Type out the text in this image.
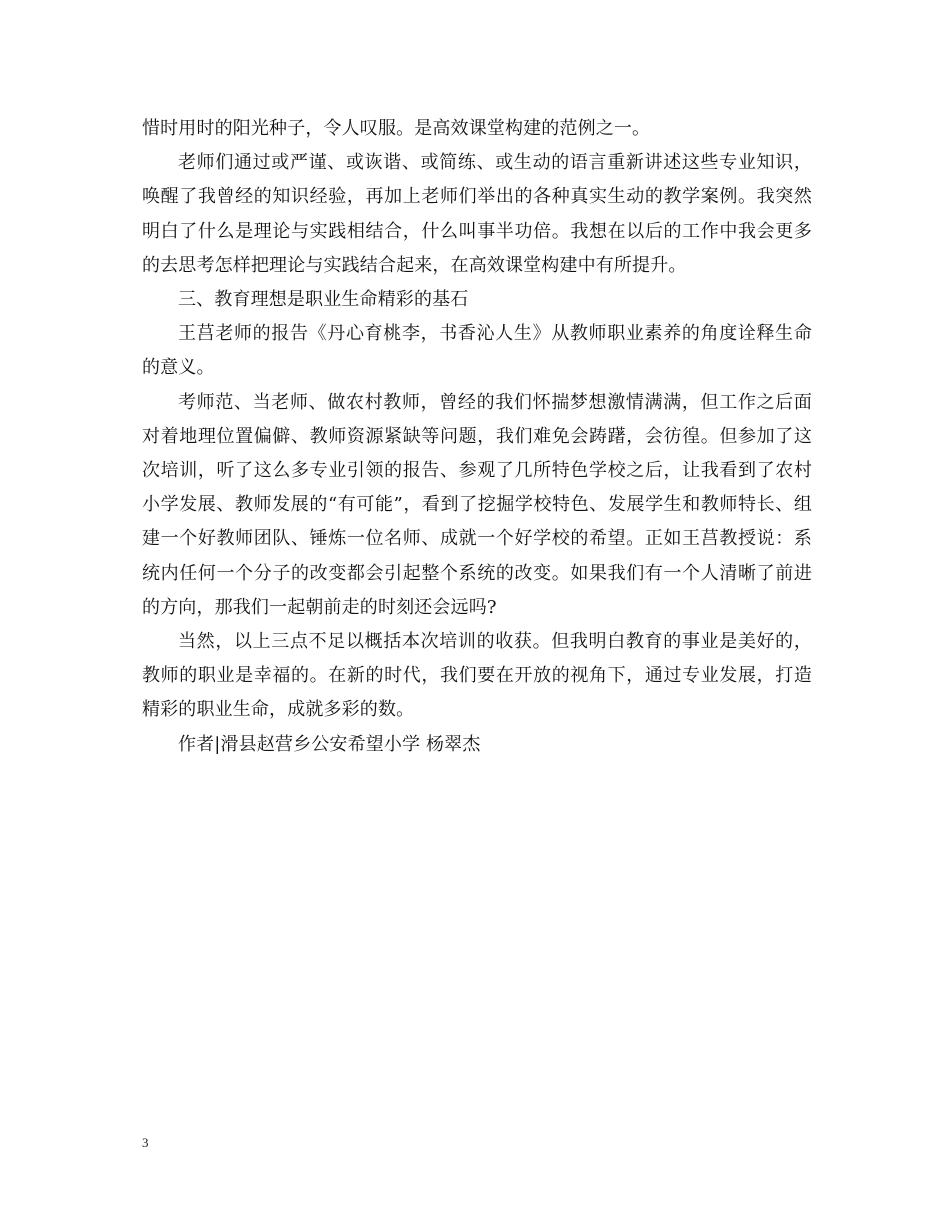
惜时用时的阳光种子，令人叹服。是高效课堂构建的范例之一。

老师们通过或严谨、或诙谐、或简练、或生动的语言重新讲述这些专业知识，唤醒了我曾经的知识经验，再加上老师们举出的各种真实生动的教学案例。我突然明白了什么是理论与实践相结合，什么叫事半功倍。我想在以后的工作中我会更多的去思考怎样把理论与实践结合起来，在高效课堂构建中有所提升。

三、教育理想是职业生命精彩的基石

王莒老师的报告《丹心育桃李，书香沁人生》从教师职业素养的角度诠释生命的意义。

考师范、当老师、做农村教师，曾经的我们怀揣梦想激情满满，但工作之后面对着地理位置偏僻、教师资源紧缺等问题，我们难免会踌躇，会彷徨。但参加了这次培训，听了这么多专业引领的报告、参观了几所特色学校之后，让我看到了农村小学发展、教师发展的“有可能”，看到了挖掘学校特色、发展学生和教师特长、组建一个好教师团队、锤炼一位名师、成就一个好学校的希望。正如王莒教授说：系统内任何一个分子的改变都会引起整个系统的改变。如果我们有一个人清晰了前进的方向，那我们一起朝前走的时刻还会远吗?

当然，以上三点不足以概括本次培训的收获。但我明白教育的事业是美好的，教师的职业是幸福的。在新的时代，我们要在开放的视角下，通过专业发展，打造精彩的职业生命，成就多彩的数。

作者|滑县赵营乡公安希望小学 杨翠杰

3
